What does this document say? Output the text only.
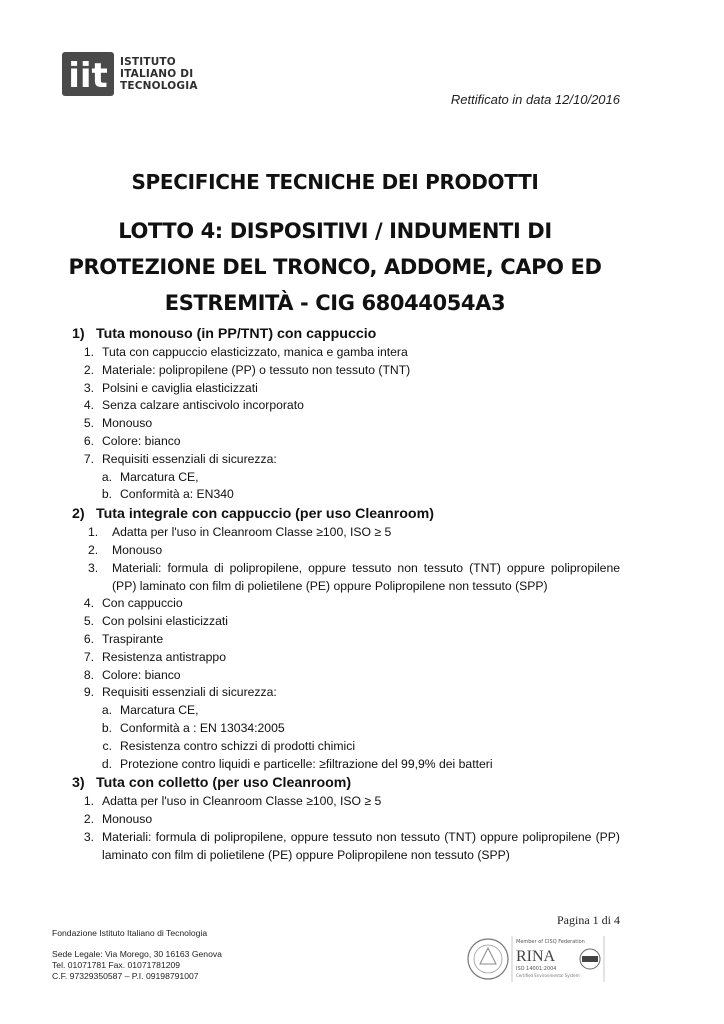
iit ISTITUTO
ITALIANO DI
TECNOLOGIA
Rettificato in data 12/10/2016
SPECIFICHE TECNICHE DEI PRODOTTI
LOTTO 4: DISPOSITIVI / INDUMENTI DI
PROTEZIONE DEL TRONCO, ADDOME, CAPO ED
ESTREMITÀ - CIG 68044054A3
1) Tuta monouso (in PP/TNT) con cappuccio
1. Tuta con cappuccio elasticizzato, manica e gamba intera
2. Materiale: polipropilene (PP) o tessuto non tessuto (TNT)
3. Polsini e caviglia elasticizzati
4. Senza calzare antiscivolo incorporato
5. Monouso
6. Colore: bianco
7. Requisiti essenziali di sicurezza:
a. Marcatura CE,
b. Conformità a: EN340
2) Tuta integrale con cappuccio (per uso Cleanroom)
1.	Adatta per l'uso in Cleanroom Classe ≥100, ISO ≥ 5
2.	Monouso
3.	Materiali: formula di polipropilene, oppure tessuto non tessuto (TNT) oppure polipropilene (PP) laminato con film di polietilene (PE) oppure Polipropilene non tessuto (SPP)
4. Con cappuccio
5. Con polsini elasticizzati
6. Traspirante
7. Resistenza antistrappo
8. Colore: bianco
9. Requisiti essenziali di sicurezza:
a. Marcatura CE,
b. Conformità a : EN 13034:2005
c. Resistenza contro schizzi di prodotti chimici
d. Protezione contro liquidi e particelle: ≥filtrazione del 99,9% dei batteri
3) Tuta con colletto (per uso Cleanroom)
1. Adatta per l'uso in Cleanroom Classe ≥100, ISO ≥ 5
2. Monouso
3. Materiali: formula di polipropilene, oppure tessuto non tessuto (TNT) oppure polipropilene (PP) laminato con film di polietilene (PE) oppure Polipropilene non tessuto (SPP)
Pagina 1 di 4
Fondazione Istituto Italiano di Tecnologia
Sede Legale: Via Morego, 30 16163 Genova
Tel. 01071781 Fax. 01071781209
C.F. 97329350587 – P.I. 09198791007
Member of CISQ Federation
RINA
ISO 14001:2004
Certified Environmental System
